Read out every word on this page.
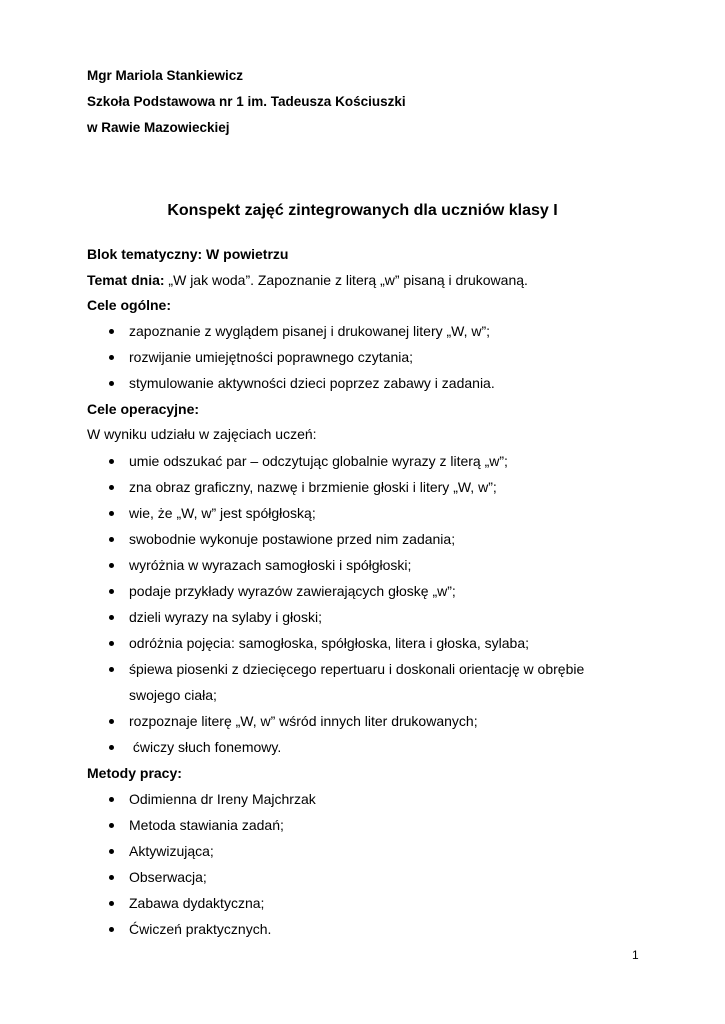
Mgr Mariola Stankiewicz
Szkoła Podstawowa nr 1 im. Tadeusza Kościuszki
w Rawie Mazowieckiej
Konspekt zajęć zintegrowanych dla uczniów klasy I
Blok tematyczny: W powietrzu
Temat dnia: „W jak woda”. Zapoznanie z literą „w” pisaną i drukowaną.
Cele ogólne:
zapoznanie z wyglądem pisanej i drukowanej litery „W, w”;
rozwijanie umiejętności poprawnego czytania;
stymulowanie aktywności dzieci poprzez zabawy i zadania.
Cele operacyjne:
W wyniku udziału w zajęciach uczeń:
umie odszukać par – odczytując globalnie wyrazy z literą „w”;
zna obraz graficzny, nazwę i brzmienie głoski i litery „W, w”;
wie, że „W, w” jest spółgłoską;
swobodnie wykonuje postawione przed nim zadania;
wyróżnia w wyrazach samogłoski i spółgłoski;
podaje przykłady wyrazów zawierających głoskę „w”;
dzieli wyrazy na sylaby i głoski;
odróżnia pojęcia: samogłoska, spółgłoska, litera i głoska, sylaba;
śpiewa piosenki z dziecięcego repertuaru i doskonali orientację w obrębie
swojego ciała;
rozpoznaje literę „W, w” wśród innych liter drukowanych;
ćwiczy słuch fonemowy.
Metody pracy:
Odimienna dr Ireny Majchrzak
Metoda stawiania zadań;
Aktywizująca;
Obserwacja;
Zabawa dydaktyczna;
Ćwiczeń praktycznych.
1
